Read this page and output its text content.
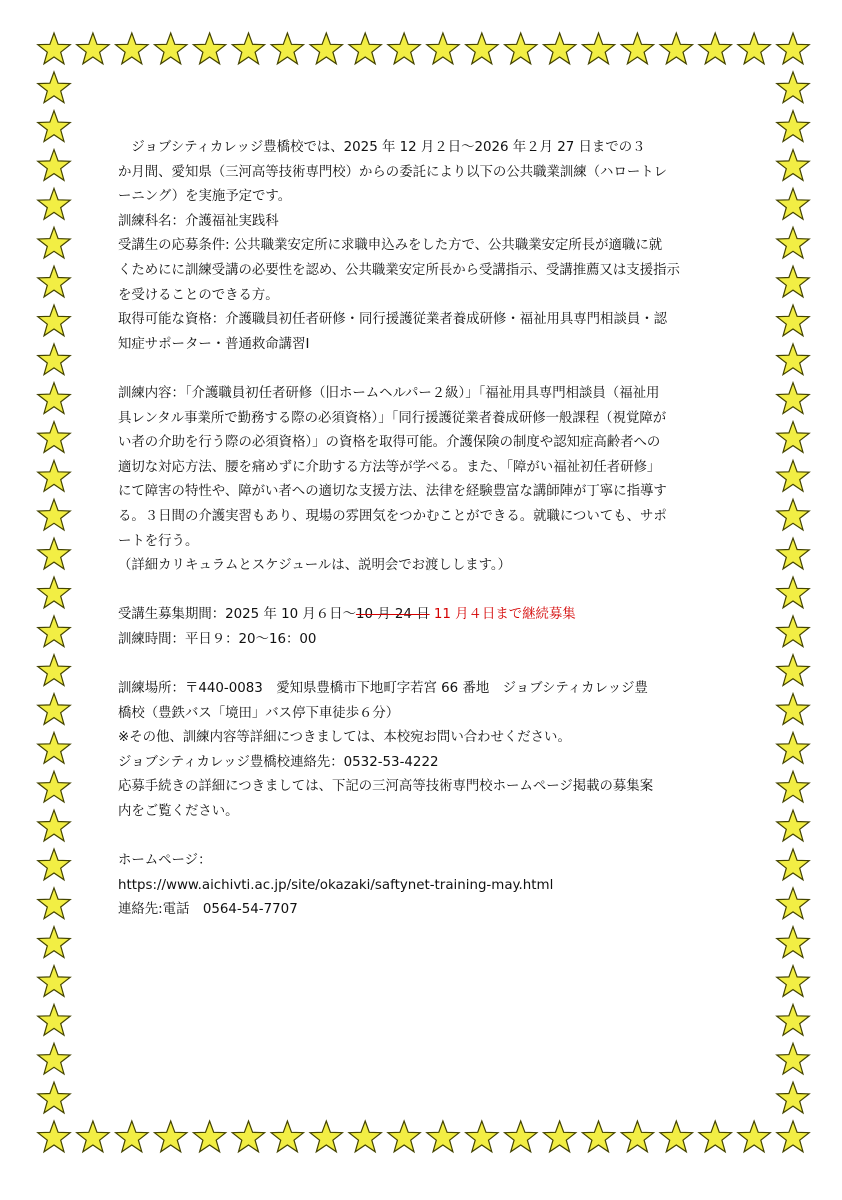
　ジョブシティカレッジ豊橋校では、2025 年 12 月２日～2026 年２月 27 日までの３
か月間、愛知県（三河高等技術専門校）からの委託により以下の公共職業訓練（ハロートレ
ーニング）を実施予定です。
訓練科名：介護福祉実践科
受講生の応募条件: 公共職業安定所に求職申込みをした方で、公共職業安定所長が適職に就
くためにに訓練受講の必要性を認め、公共職業安定所長から受講指示、受講推薦又は支援指示
を受けることのできる方。
取得可能な資格：介護職員初任者研修・同行援護従業者養成研修・福祉用具専門相談員・認
知症サポーター・普通救命講習Ⅰ
訓練内容：「介護職員初任者研修（旧ホームヘルパー２級）」「福祉用具専門相談員（福祉用
具レンタル事業所で勤務する際の必須資格）」「同行援護従業者養成研修一般課程（視覚障が
い者の介助を行う際の必須資格）」の資格を取得可能。介護保険の制度や認知症高齢者への
適切な対応方法、腰を痛めずに介助する方法等が学べる。また、「障がい福祉初任者研修」
にて障害の特性や、障がい者への適切な支援方法、法律を経験豊富な講師陣が丁寧に指導す
る。３日間の介護実習もあり、現場の雰囲気をつかむことができる。就職についても、サポ
ートを行う。
（詳細カリキュラムとスケジュールは、説明会でお渡しします。）
受講生募集期間：2025 年 10 月６日～10 月 24 日 11 月４日まで継続募集
訓練時間：平日９：20～16：00
訓練場所：〒440-0083　愛知県豊橋市下地町字若宮 66 番地　ジョブシティカレッジ豊
橋校（豊鉄バス「境田」バス停下車徒歩６分）
※その他、訓練内容等詳細につきましては、本校宛お問い合わせください。
ジョブシティカレッジ豊橋校連絡先：0532-53-4222
応募手続きの詳細につきましては、下記の三河高等技術専門校ホームページ掲載の募集案
内をご覧ください。
ホームページ：
https://www.aichivti.ac.jp/site/okazaki/saftynet-training-may.html
連絡先:電話　0564-54-7707
